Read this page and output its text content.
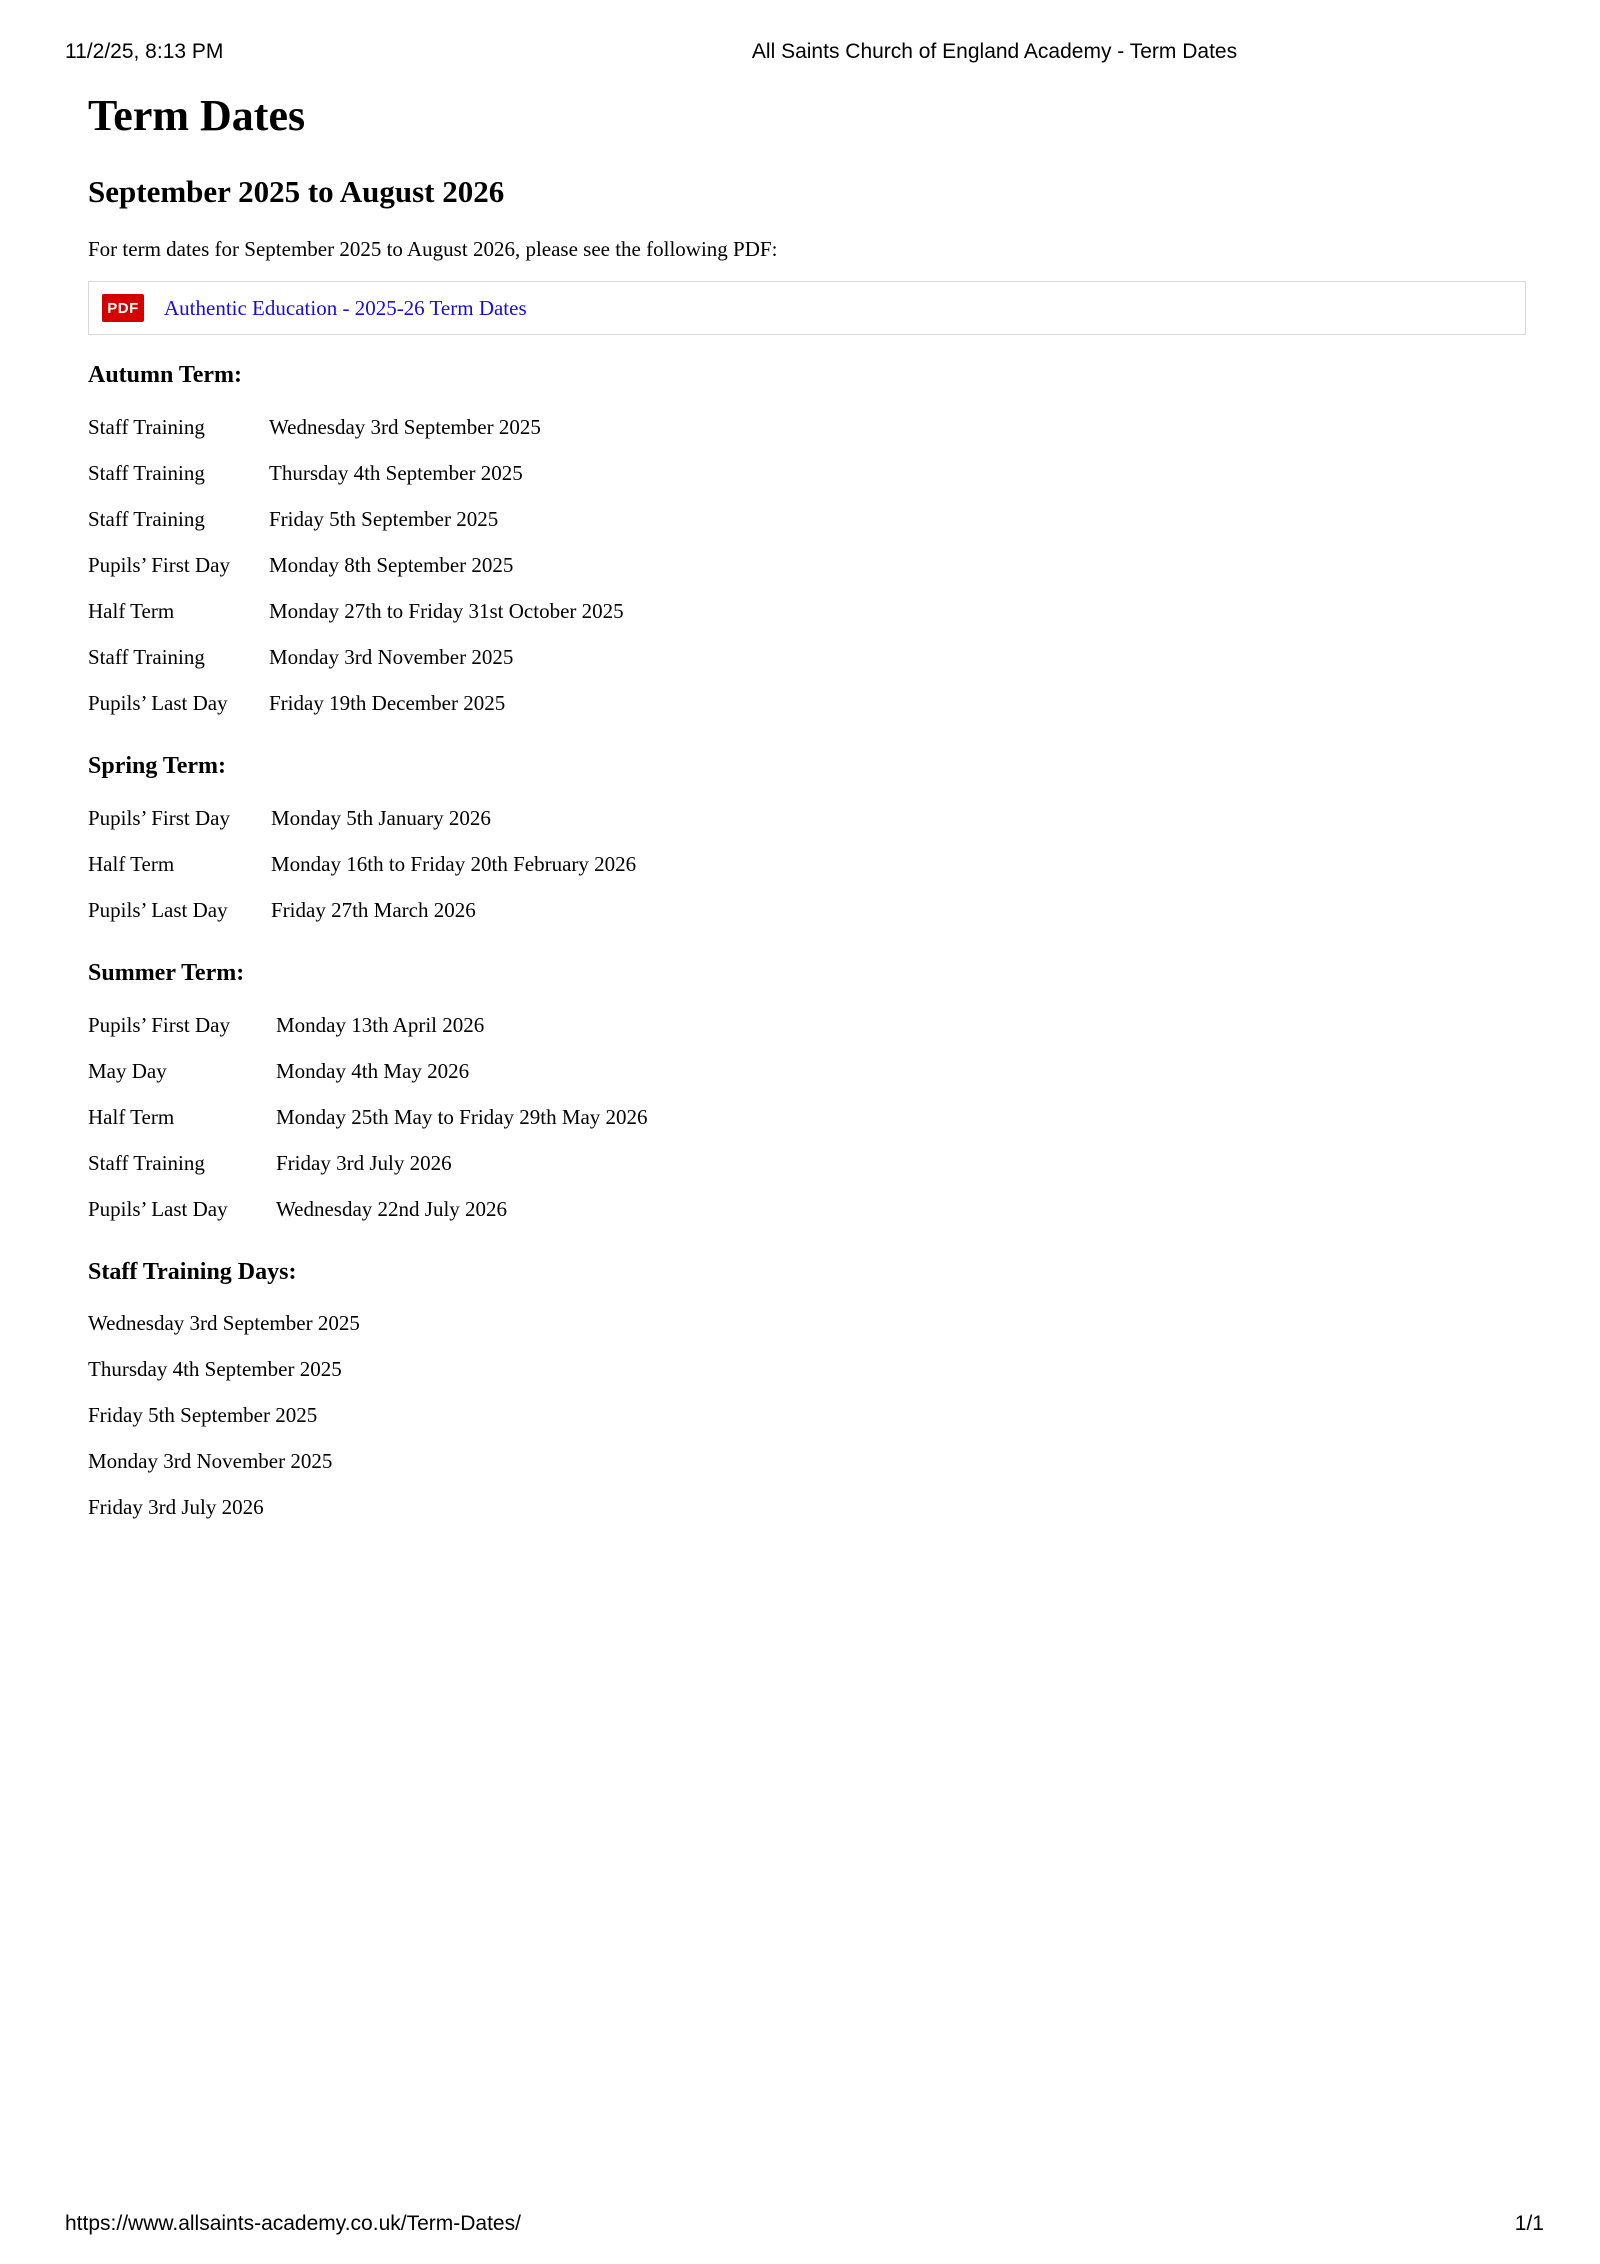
11/2/25, 8:13 PM	All Saints Church of England Academy - Term Dates
Term Dates
September 2025 to August 2026

For term dates for September 2025 to August 2026, please see the following PDF:

PDF Authentic Education - 2025-26 Term Dates
Autumn Term:
Staff Training	Wednesday 3rd September 2025
Staff Training	Thursday 4th September 2025
Staff Training	Friday 5th September 2025
Pupils’ First Day Monday 8th September 2025
Half Term	Monday 27th to Friday 31st October 2025
Staff Training	Monday 3rd November 2025
Pupils’ Last Day Friday 19th December 2025
Spring Term:
Pupils’ First Day Monday 5th January 2026
Half Term	Monday 16th to Friday 20th February 2026
Pupils’ Last Day Friday 27th March 2026
Summer Term:
Pupils’ First Day Monday 13th April 2026
May Day	Monday 4th May 2026
Half Term	Monday 25th May to Friday 29th May 2026
Staff Training	Friday 3rd July 2026
Pupils’ Last Day Wednesday 22nd July 2026
Staff Training Days:
Wednesday 3rd September 2025
Thursday 4th September 2025
Friday 5th September 2025
Monday 3rd November 2025
Friday 3rd July 2026
https://www.allsaints-academy.co.uk/Term-Dates/	1/1
